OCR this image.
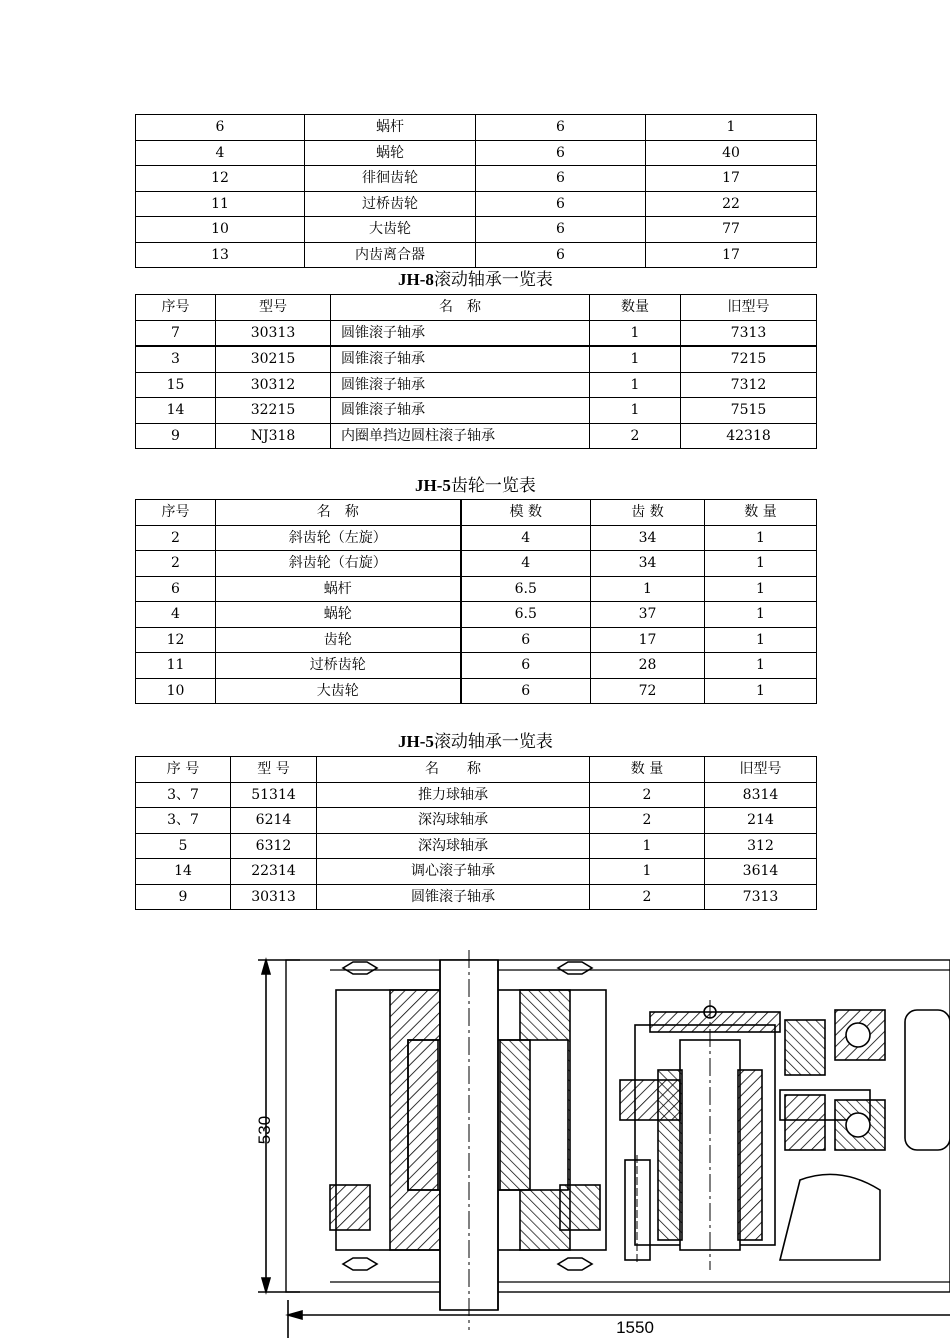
6	蜗杆	6	1
4	蜗轮	6	40
12	徘徊齿轮	6	17
11	过桥齿轮	6	22
10	大齿轮	6	77
13	内齿离合器	6	17
JH-8滚动轴承一览表
序号	型号	名　称	数量	旧型号
7	30313	圆锥滚子轴承	1	7313
3	30215	圆锥滚子轴承	1	7215
15	30312	圆锥滚子轴承	1	7312
14	32215	圆锥滚子轴承	1	7515
9	NJ318	内圈单挡边圆柱滚子轴承	2	42318
JH-5齿轮一览表
序号	名　称	模 数	齿 数	数 量
2	斜齿轮（左旋）	4	34	1
2	斜齿轮（右旋）	4	34	1
6	蜗杆	6.5	1	1
4	蜗轮	6.5	37	1
12	齿轮	6	17	1
11	过桥齿轮	6	28	1
10	大齿轮	6	72	1
JH-5滚动轴承一览表
序 号	型 号	名　　称	数 量	旧型号
3、7	51314	推力球轴承	2	8314
3、7	6214	深沟球轴承	2	214
5	6312	深沟球轴承	1	312
14	22314	调心滚子轴承	1	3614
9	30313	圆锥滚子轴承	2	7313
530
1550
